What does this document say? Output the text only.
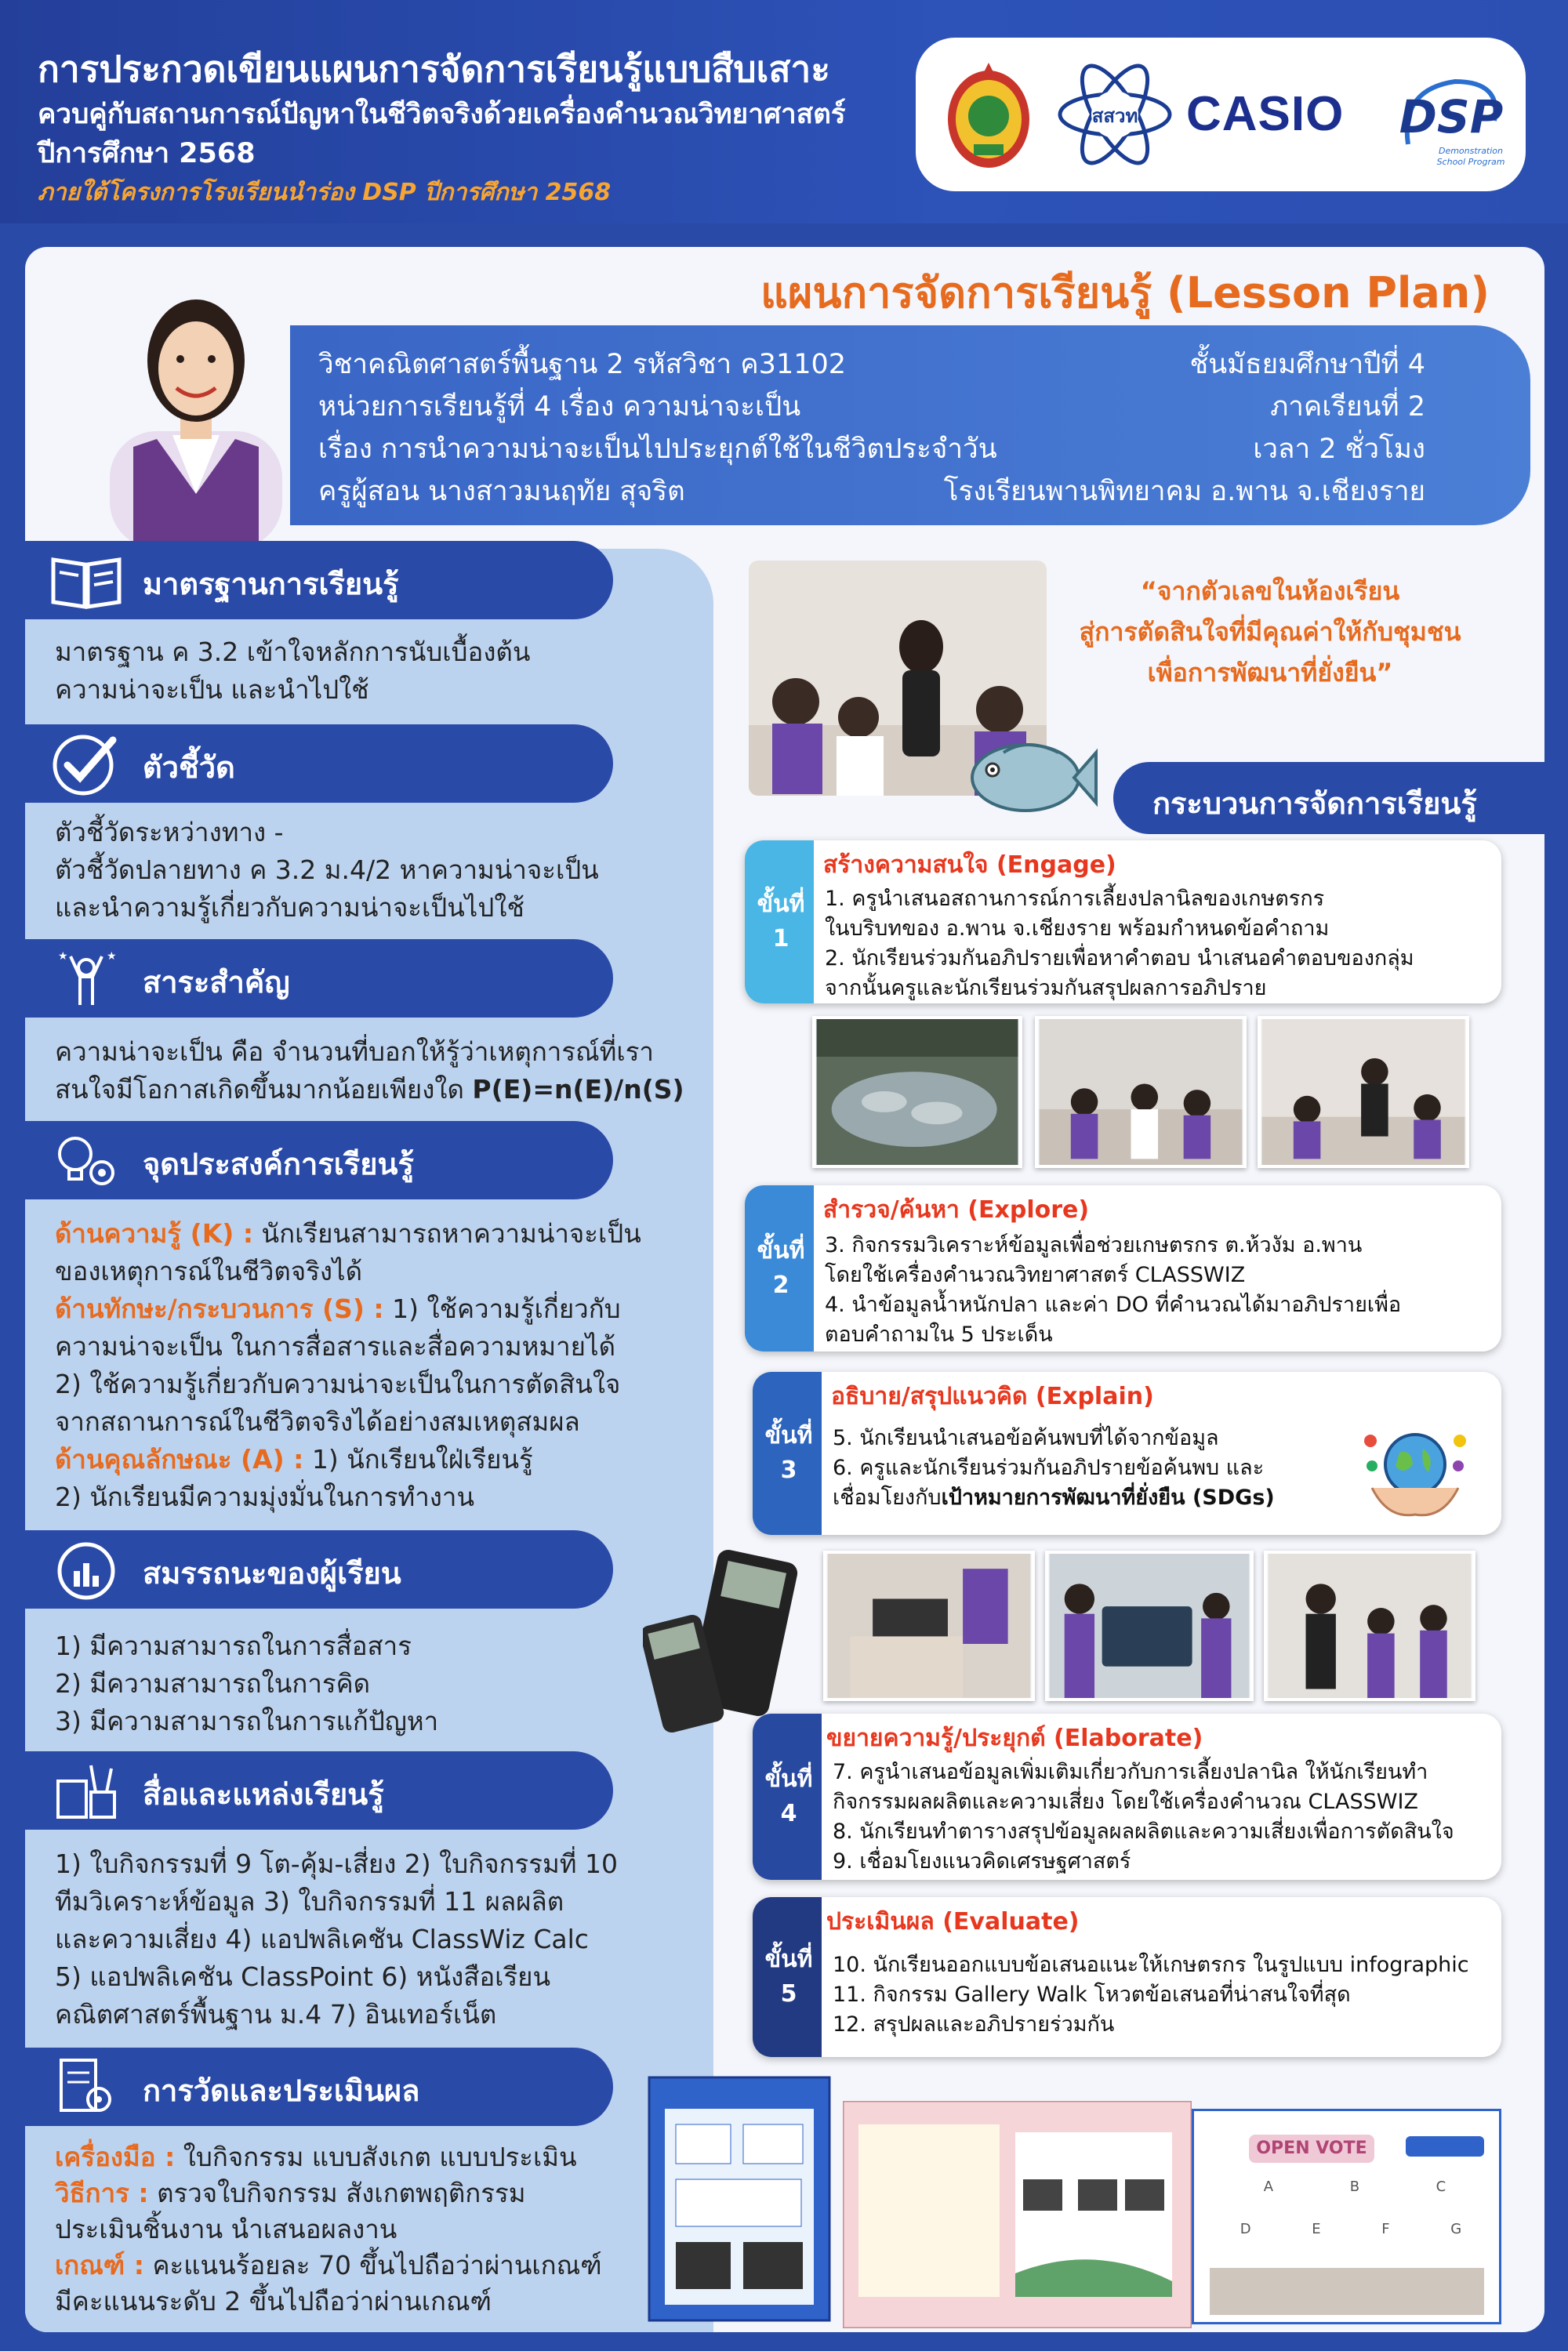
การประกวดเขียนแผนการจัดการเรียนรู้แบบสืบเสาะ
ควบคู่กับสถานการณ์ปัญหาในชีวิตจริงด้วยเครื่องคำนวณวิทยาศาสตร์
ปีการศึกษา 2568
ภายใต้โครงการโรงเรียนนำร่อง DSP ปีการศึกษา 2568
สสวท CASIO DSP
Demonstration
School Program
แผนการจัดการเรียนรู้ (Lesson Plan)
วิชาคณิตศาสตร์พื้นฐาน 2 รหัสวิชา ค31102	ชั้นมัธยมศึกษาปีที่ 4
หน่วยการเรียนรู้ที่ 4 เรื่อง ความน่าจะเป็น	ภาคเรียนที่ 2
เรื่อง การนำความน่าจะเป็นไปประยุกต์ใช้ในชีวิตประจำวัน	เวลา 2 ชั่วโมง
ครูผู้สอน นางสาวมนฤทัย สุจริต	โรงเรียนพานพิทยาคม อ.พาน จ.เชียงราย
มาตรฐานการเรียนรู้
มาตรฐาน ค 3.2 เข้าใจหลักการนับเบื้องต้น
ความน่าจะเป็น และนำไปใช้
ตัวชี้วัด
ตัวชี้วัดระหว่างทาง -
ตัวชี้วัดปลายทาง ค 3.2 ม.4/2 หาความน่าจะเป็น
และนำความรู้เกี่ยวกับความน่าจะเป็นไปใช้
★	★
สาระสำคัญ
ความน่าจะเป็น คือ จำนวนที่บอกให้รู้ว่าเหตุการณ์ที่เรา
สนใจมีโอกาสเกิดขึ้นมากน้อยเพียงใด P(E)=n(E)/n(S)
จุดประสงค์การเรียนรู้
ด้านความรู้ (K) : นักเรียนสามารถหาความน่าจะเป็น
ของเหตุการณ์ในชีวิตจริงได้
ด้านทักษะ/กระบวนการ (S) : 1) ใช้ความรู้เกี่ยวกับ
ความน่าจะเป็น ในการสื่อสารและสื่อความหมายได้
2) ใช้ความรู้เกี่ยวกับความน่าจะเป็นในการตัดสินใจ
จากสถานการณ์ในชีวิตจริงได้อย่างสมเหตุสมผล
ด้านคุณลักษณะ (A) : 1) นักเรียนใฝ่เรียนรู้
2) นักเรียนมีความมุ่งมั่นในการทำงาน
สมรรถนะของผู้เรียน
1) มีความสามารถในการสื่อสาร
2) มีความสามารถในการคิด
3) มีความสามารถในการแก้ปัญหา
สื่อและแหล่งเรียนรู้
1) ใบกิจกรรมที่ 9 โต-คุ้ม-เสี่ยง 2) ใบกิจกรรมที่ 10
ทีมวิเคราะห์ข้อมูล 3) ใบกิจกรรมที่ 11 ผลผลิต
และความเสี่ยง 4) แอปพลิเคชัน ClassWiz Calc
5) แอปพลิเคชัน ClassPoint 6) หนังสือเรียน
คณิตศาสตร์พื้นฐาน ม.4 7) อินเทอร์เน็ต
การวัดและประเมินผล
เครื่องมือ : ใบกิจกรรม แบบสังเกต แบบประเมิน
วิธีการ : ตรวจใบกิจกรรม สังเกตพฤติกรรม
ประเมินชิ้นงาน นำเสนอผลงาน
เกณฑ์ : คะแนนร้อยละ 70 ขึ้นไปถือว่าผ่านเกณฑ์
มีคะแนนระดับ 2 ขึ้นไปถือว่าผ่านเกณฑ์
“จากตัวเลขในห้องเรียน
สู่การตัดสินใจที่มีคุณค่าให้กับชุมชน
เพื่อการพัฒนาที่ยั่งยืน”
กระบวนการจัดการเรียนรู้
ขั้นที่
1
สร้างความสนใจ (Engage)
1. ครูนำเสนอสถานการณ์การเลี้ยงปลานิลของเกษตรกร
ในบริบทของ อ.พาน จ.เชียงราย พร้อมกำหนดข้อคำถาม
2. นักเรียนร่วมกันอภิปรายเพื่อหาคำตอบ นำเสนอคำตอบของกลุ่ม
จากนั้นครูและนักเรียนร่วมกันสรุปผลการอภิปราย
ขั้นที่
2
สำรวจ/ค้นหา (Explore)
3. กิจกรรมวิเคราะห์ข้อมูลเพื่อช่วยเกษตรกร ต.ห้วงัม อ.พาน
โดยใช้เครื่องคำนวณวิทยาศาสตร์ CLASSWIZ
4. นำข้อมูลน้ำหนักปลา และค่า DO ที่คำนวณได้มาอภิปรายเพื่อ
ตอบคำถามใน 5 ประเด็น
ขั้นที่
3
อธิบาย/สรุปแนวคิด (Explain)
5. นักเรียนนำเสนอข้อค้นพบที่ได้จากข้อมูล
6. ครูและนักเรียนร่วมกันอภิปรายข้อค้นพบ และ
เชื่อมโยงกับเป้าหมายการพัฒนาที่ยั่งยืน (SDGs)
ขั้นที่
4
ขยายความรู้/ประยุกต์ (Elaborate)
7. ครูนำเสนอข้อมูลเพิ่มเติมเกี่ยวกับการเลี้ยงปลานิล ให้นักเรียนทำ
กิจกรรมผลผลิตและความเสี่ยง โดยใช้เครื่องคำนวณ CLASSWIZ
8. นักเรียนทำตารางสรุปข้อมูลผลผลิตและความเสี่ยงเพื่อการตัดสินใจ
9. เชื่อมโยงแนวคิดเศรษฐศาสตร์
ขั้นที่
5
ประเมินผล (Evaluate)
10. นักเรียนออกแบบข้อเสนอแนะให้เกษตรกร ในรูปแบบ infographic
11. กิจกรรม Gallery Walk โหวตข้อเสนอที่น่าสนใจที่สุด
12. สรุปผลและอภิปรายร่วมกัน
OPEN VOTE
A	B	C
D	E	F	G
